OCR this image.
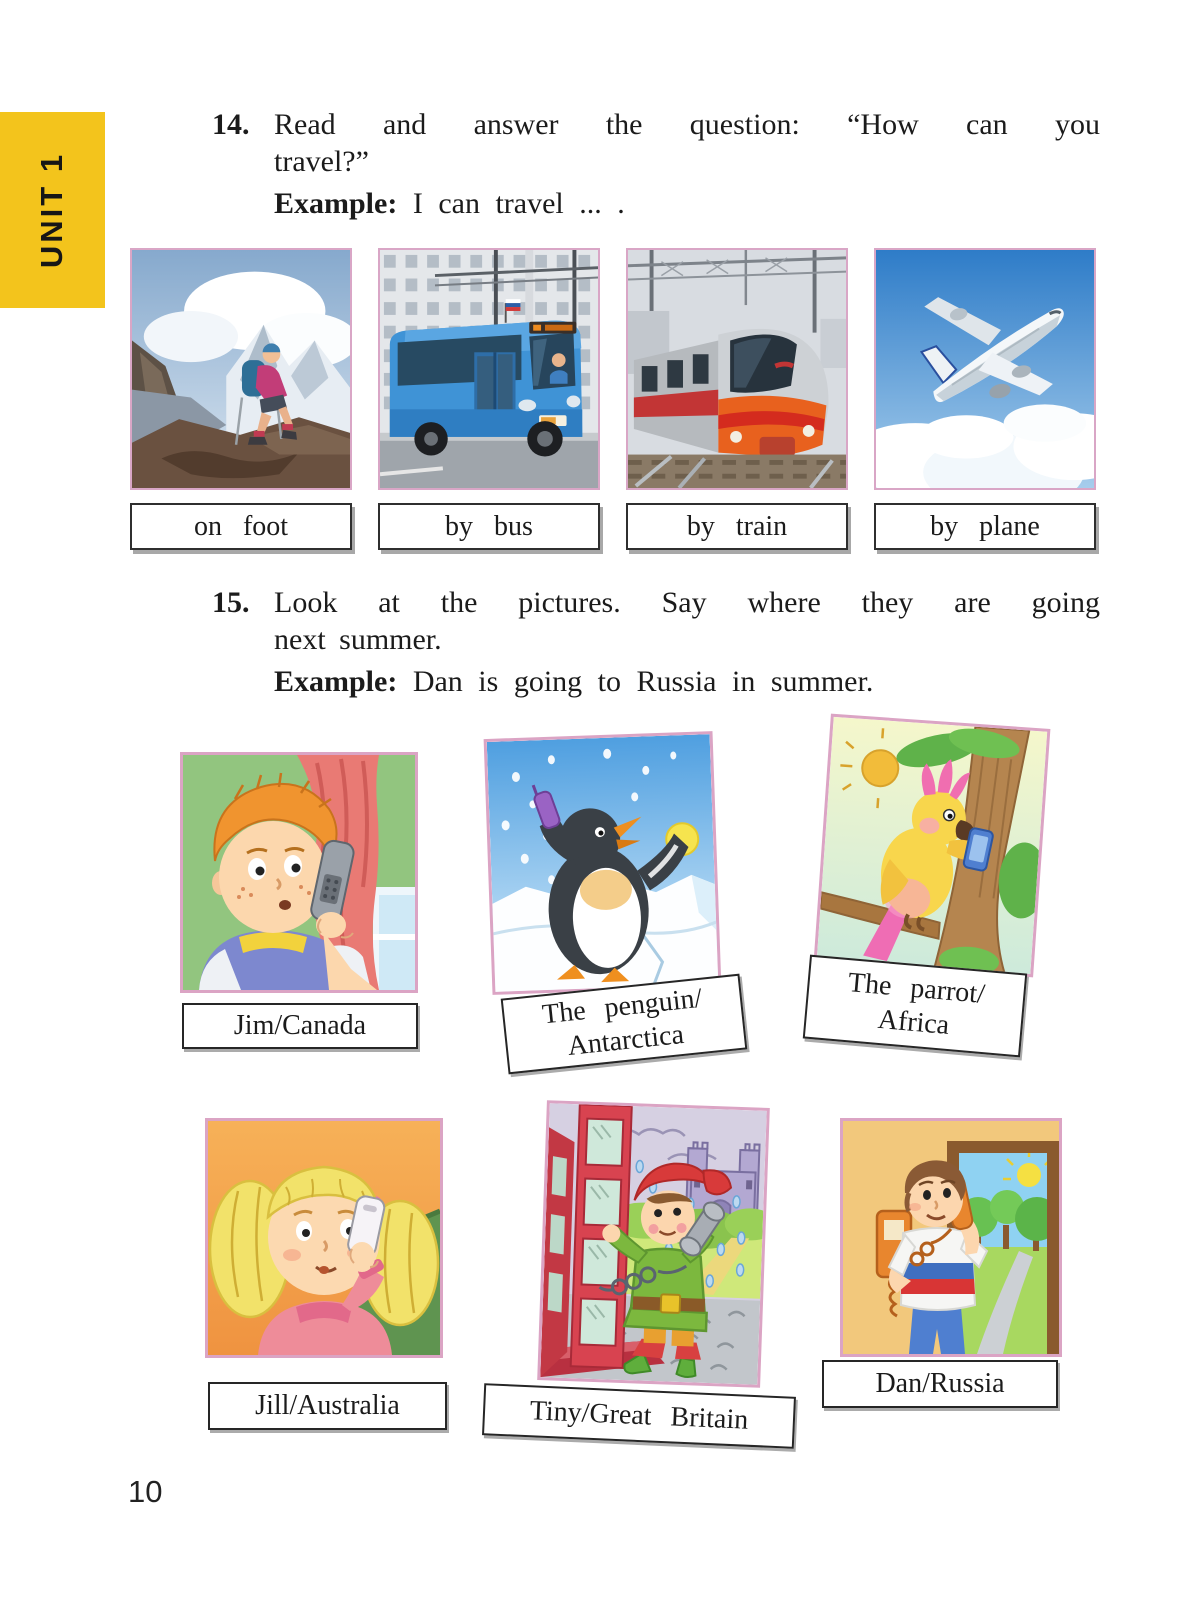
UNIT 1
14. Read and answer the question: “How can you
travel?”
Example: I can travel ... .
on foot	by bus	by train	by plane
15. Look at the pictures. Say where they are going
next summer.
Example: Dan is going to Russia in summer.
Jim/Canada	The penguin/
Antarctica
The parrot/
Africa
Jill/Australia	Tiny/Great Britain
Dan/Russia
10
